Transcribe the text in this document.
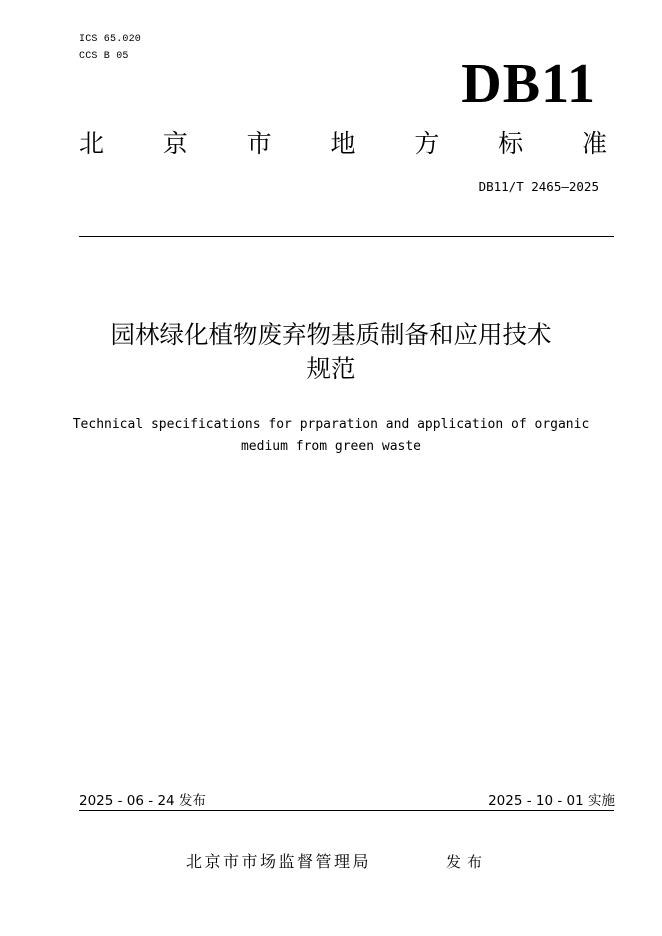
ICS 65.020
CCS B 05	DB11
北 京 市 地 方 标 准
DB11/T 2465—2025
园林绿化植物废弃物基质制备和应用技术
规范
Technical specifications for prparation and application of organic
medium from green waste
2025 - 06 - 24 发布	2025 - 10 - 01 实施
北京市市场监督管理局	发布
